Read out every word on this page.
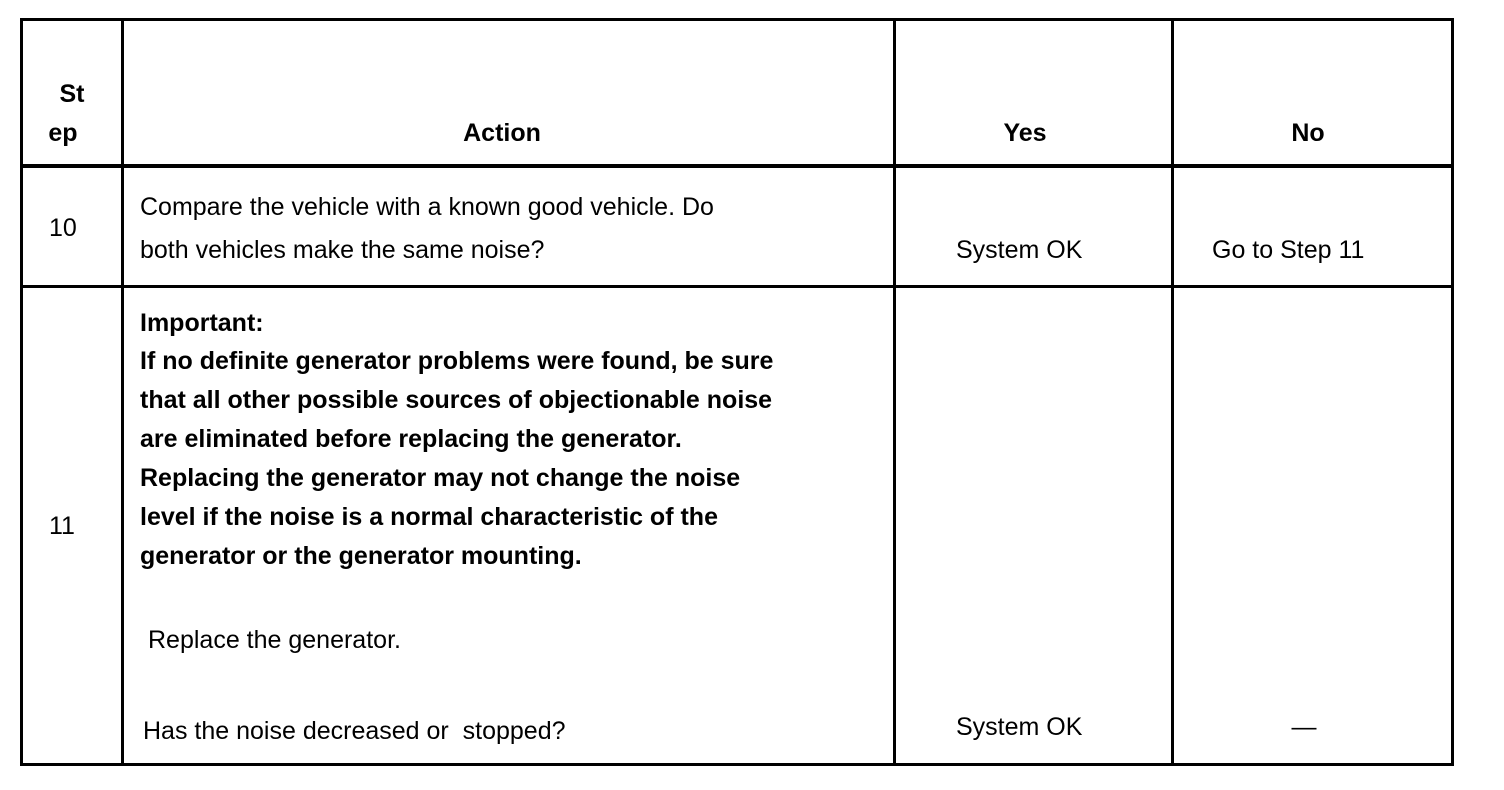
St
ep	Action	Yes	No
10
Compare the vehicle with a known good vehicle. Do
both vehicles make the same noise?	System OK	Go to Step 11
11
Important:
If no definite generator problems were found, be sure
that all other possible sources of objectionable noise
are eliminated before replacing the generator.
Replacing the generator may not change the noise
level if the noise is a normal characteristic of the
generator or the generator mounting.
Replace the generator.
Has the noise decreased or  stopped?	System OK	—
